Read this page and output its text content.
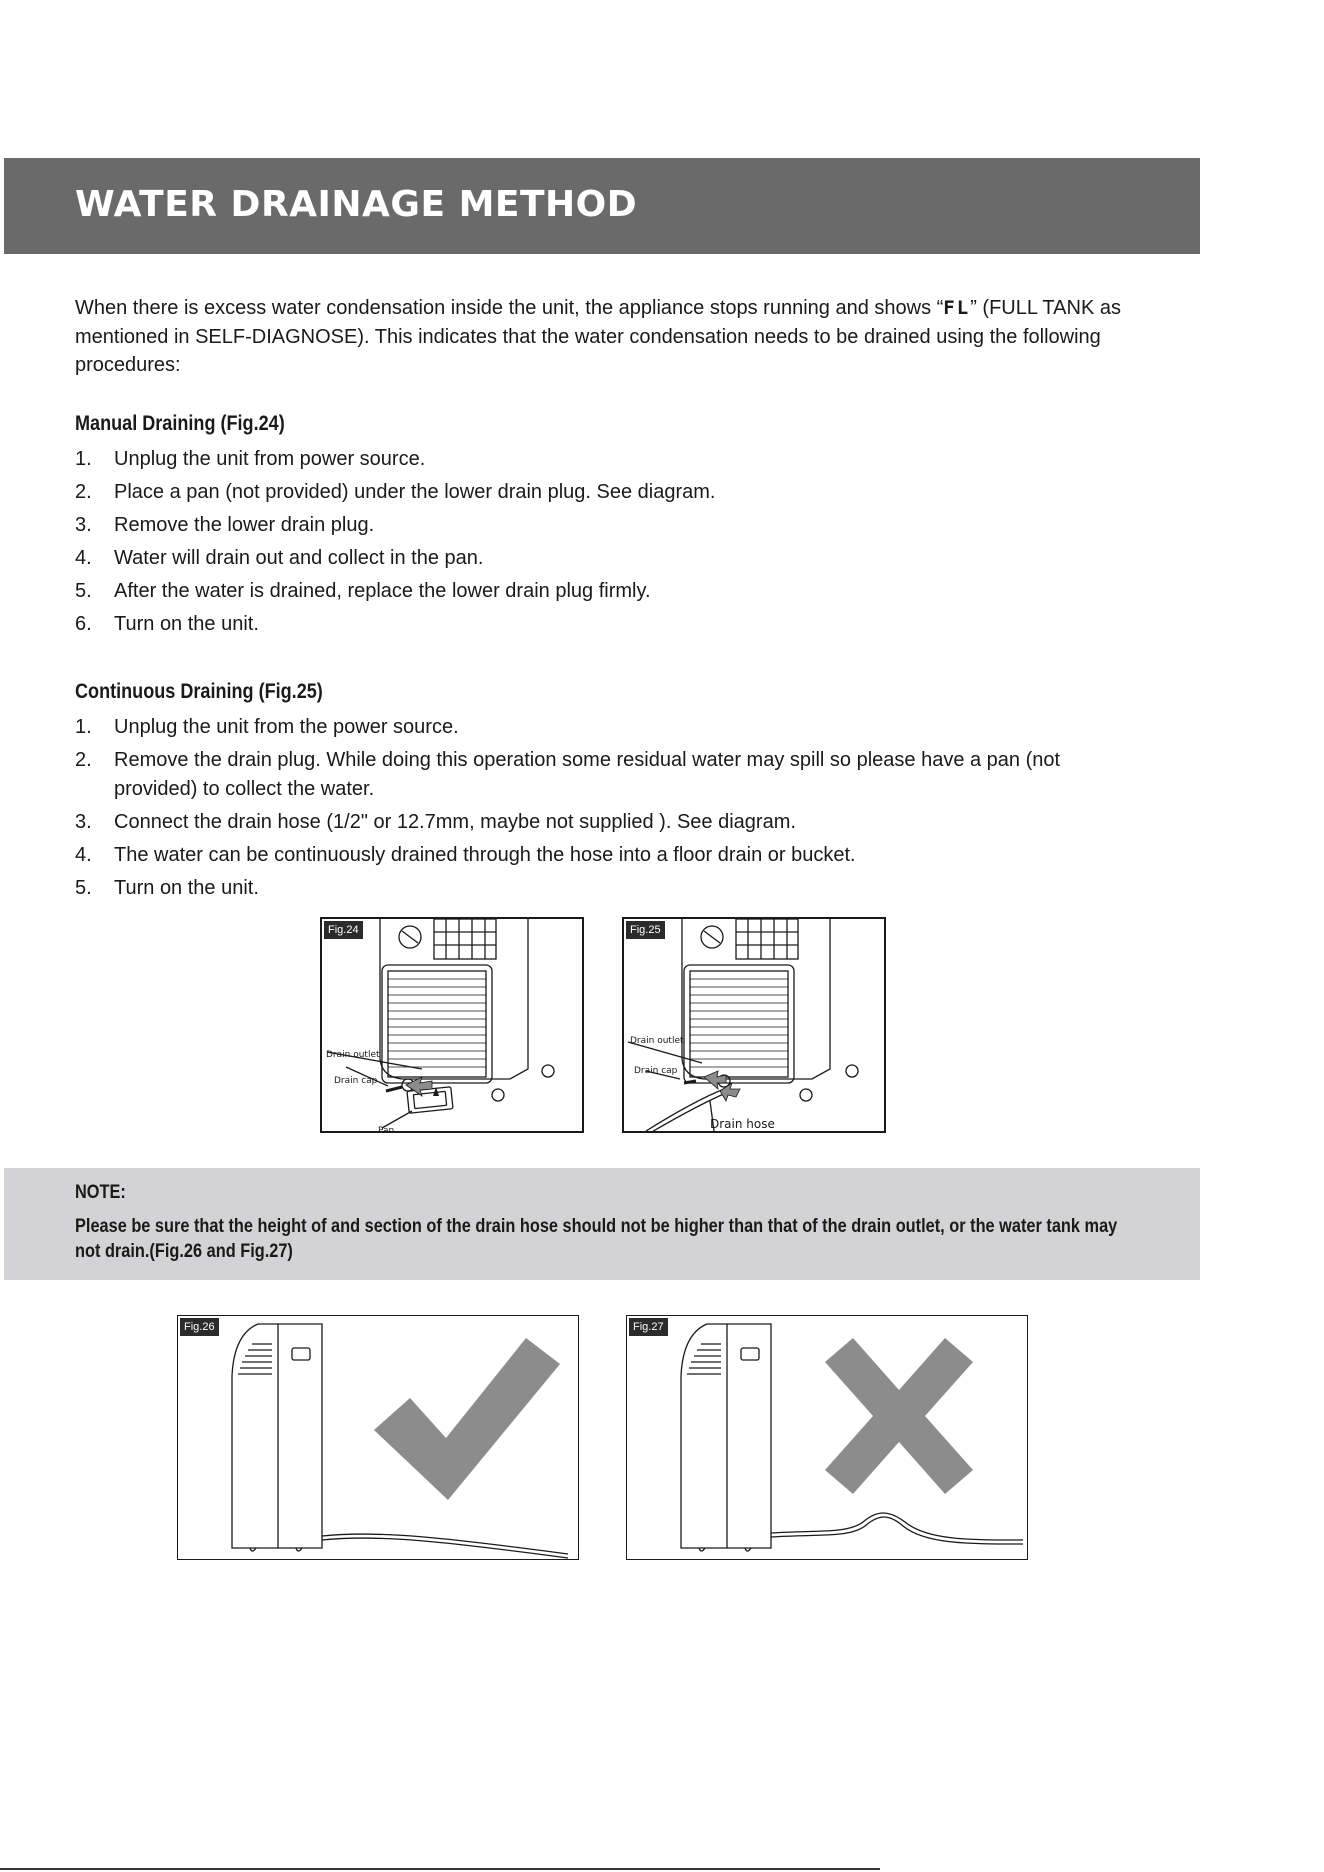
WATER DRAINAGE METHOD

When there is excess water condensation inside the unit, the appliance stops running and shows “FL” (FULL TANK as mentioned in SELF-DIAGNOSE). This indicates that the water condensation needs to be drained using the following procedures:

Manual Draining (Fig.24)
1. Unplug the unit from power source.
2. Place a pan (not provided) under the lower drain plug. See diagram.
3. Remove the lower drain plug.
4. Water will drain out and collect in the pan.
5. After the water is drained, replace the lower drain plug firmly.
6. Turn on the unit.
Continuous Draining (Fig.25)
1. Unplug the unit from the power source.
2. Remove the drain plug. While doing this operation some residual water may spill so please have a pan (not provided) to collect the water.
3. Connect the drain hose (1/2" or 12.7mm, maybe not supplied ). See diagram.
4. The water can be continuously drained through the hose into a floor drain or bucket.
5. Turn on the unit.
Fig.24
Drain outlet
Drain cap
Pan
Fig.25
Drain outlet
Drain cap
Drain hose

NOTE:

Please be sure that the height of and section of the drain hose should not be higher than that of the drain outlet, or the water tank may not drain.(Fig.26 and Fig.27)

Fig.26	Fig.27
